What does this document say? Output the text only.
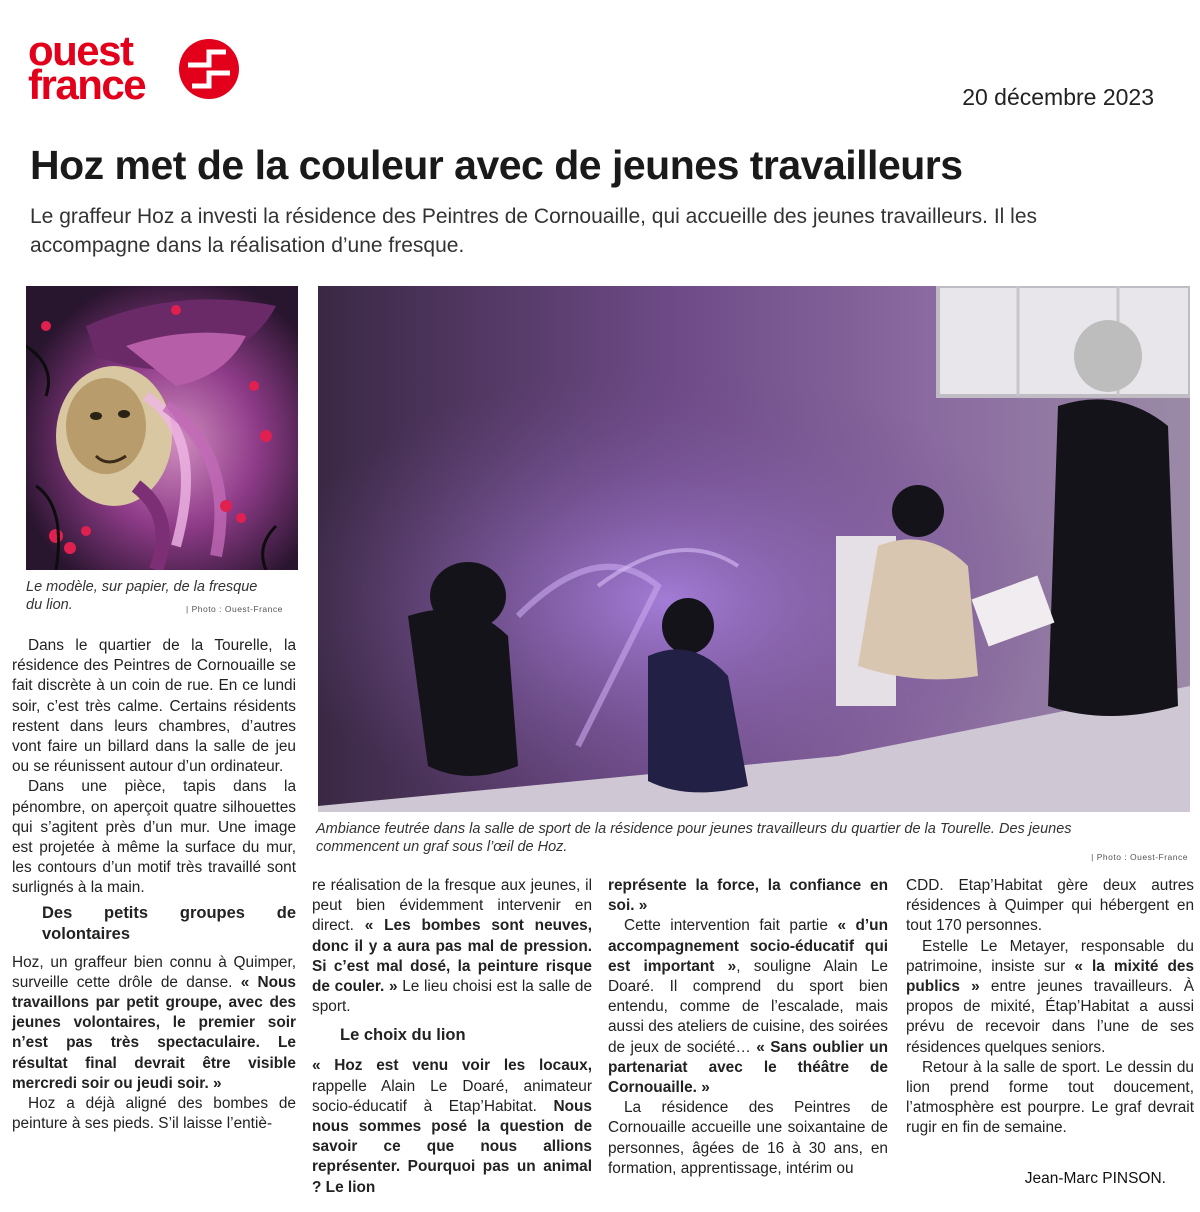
ouest
france	20 décembre 2023
Hoz met de la couleur avec de jeunes travailleurs
Le graffeur Hoz a investi la résidence des Peintres de Cornouaille, qui accueille des jeunes travailleurs. Il les accompagne dans la réalisation d’une fresque.
Le modèle, sur papier, de la fresque du lion.	| Photo : Ouest-France
Ambiance feutrée dans la salle de sport de la résidence pour jeunes travailleurs du quartier de la Tourelle. Des jeunes commencent un graf sous l’œil de Hoz.
| Photo : Ouest-France

Dans le quartier de la Tourelle, la résidence des Peintres de Cornouaille se fait discrète à un coin de rue. En ce lundi soir, c’est très calme. Certains résidents restent dans leurs chambres, d’autres vont faire un billard dans la salle de jeu ou se réunissent autour d’un ordinateur.

Dans une pièce, tapis dans la pénombre, on aperçoit quatre silhouettes qui s’agitent près d’un mur. Une image est projetée à même la surface du mur, les contours d’un motif très travaillé sont surlignés à la main.

Des petits groupes de volontaires

Hoz, un graffeur bien connu à Quimper, surveille cette drôle de danse. « Nous travaillons par petit groupe, avec des jeunes volontaires, le premier soir n’est pas très spectaculaire. Le résultat final devrait être visible mercredi soir ou jeudi soir. »

Hoz a déjà aligné des bombes de peinture à ses pieds. S’il laisse l’entiè-

re réalisation de la fresque aux jeunes, il peut bien évidemment intervenir en direct. « Les bombes sont neuves, donc il y a aura pas mal de pression. Si c’est mal dosé, la peinture risque de couler. » Le lieu choisi est la salle de sport.

Le choix du lion

« Hoz est venu voir les locaux, rappelle Alain Le Doaré, animateur socio-éducatif à Etap’Habitat. Nous nous sommes posé la question de savoir ce que nous allions représenter. Pourquoi pas un animal ? Le lion

représente la force, la confiance en soi. »

Cette intervention fait partie « d’un accompagnement socio-éducatif qui est important », souligne Alain Le Doaré. Il comprend du sport bien entendu, comme de l’escalade, mais aussi des ateliers de cuisine, des soirées de jeux de société… « Sans oublier un partenariat avec le théâtre de Cornouaille. »

La résidence des Peintres de Cornouaille accueille une soixantaine de personnes, âgées de 16 à 30 ans, en formation, apprentissage, intérim ou

CDD. Etap’Habitat gère deux autres résidences à Quimper qui hébergent en tout 170 personnes.

Estelle Le Metayer, responsable du patrimoine, insiste sur « la mixité des publics » entre jeunes travailleurs. À propos de mixité, Étap’Habitat a aussi prévu de recevoir dans l’une de ses résidences quelques seniors.

Retour à la salle de sport. Le dessin du lion prend forme tout doucement, l’atmosphère est pourpre. Le graf devrait rugir en fin de semaine.

Jean-Marc PINSON.
